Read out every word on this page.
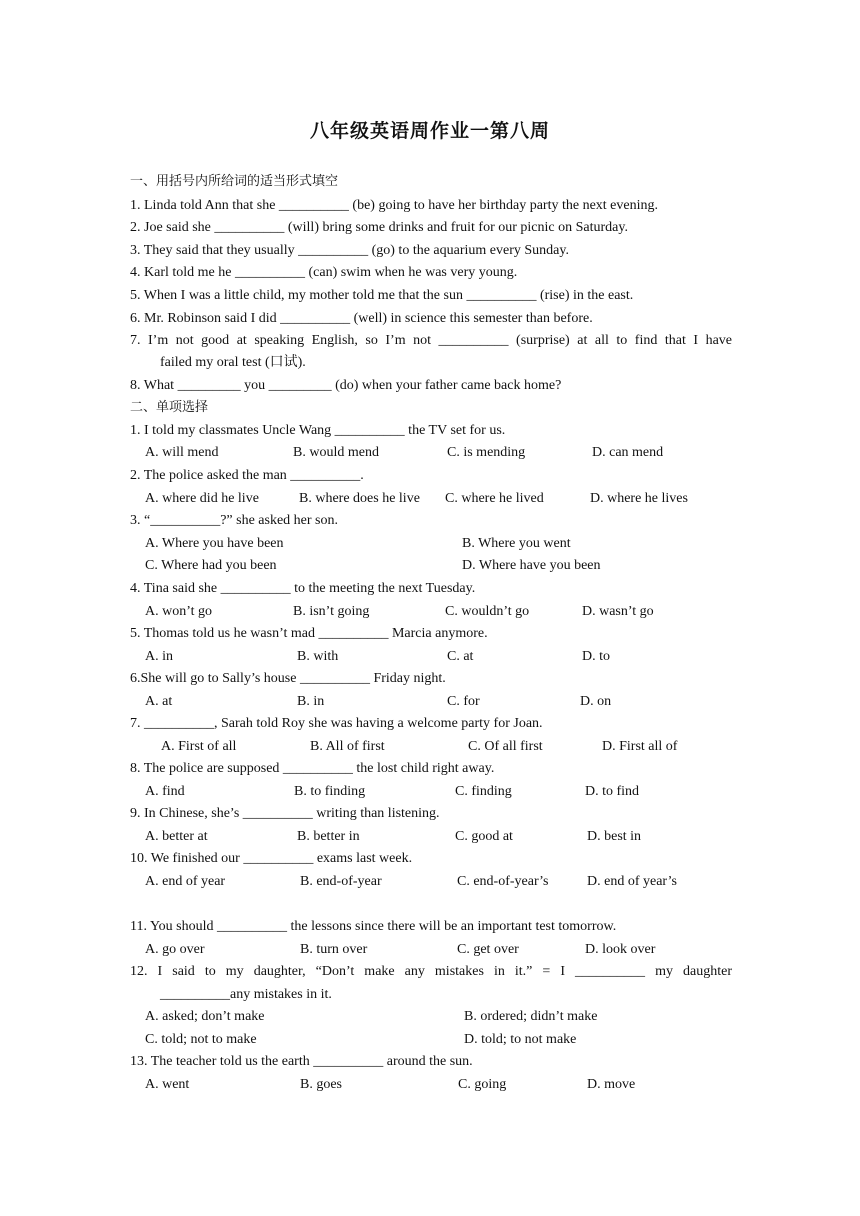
八年级英语周作业一第八周
一、用括号内所给词的适当形式填空
1. Linda told Ann that she __________ (be) going to have her birthday party the next evening.
2. Joe said she __________ (will) bring some drinks and fruit for our picnic on Saturday.
3. They said that they usually __________ (go) to the aquarium every Sunday.
4. Karl told me he __________ (can) swim when he was very young.
5. When I was a little child, my mother told me that the sun __________ (rise) in the east.
6. Mr. Robinson said I did __________ (well) in science this semester than before.
7. I’m not good at speaking English, so I’m not __________ (surprise) at all to find that I have
failed my oral test (口试).
8. What _________ you _________ (do) when your father came back home?
二、单项选择
1. I told my classmates Uncle Wang __________ the TV set for us.
A. will mend	B. would mend	C. is mending	D. can mend
2. The police asked the man __________.
A. where did he live	B. where does he live C. where he lived	D. where he lives
3. “__________?” she asked her son.
A. Where you have been	B. Where you went
C. Where had you been	D. Where have you been
4. Tina said she __________ to the meeting the next Tuesday.
A. won’t go	B. isn’t going	C. wouldn’t go	D. wasn’t go
5. Thomas told us he wasn’t mad __________ Marcia anymore.
A. in	B. with	C. at	D. to
6.She will go to Sally’s house __________ Friday night.
A. at	B. in	C. for	D. on
7. __________, Sarah told Roy she was having a welcome party for Joan.
A. First of all	B. All of first	C. Of all first	D. First all of
8. The police are supposed __________ the lost child right away.
A. find	B. to finding	C. finding	D. to find
9. In Chinese, she’s __________ writing than listening.
A. better at	B. better in	C. good at	D. best in
10. We finished our __________ exams last week.
A. end of year	B. end-of-year	C. end-of-year’s	D. end of year’s
11. You should __________ the lessons since there will be an important test tomorrow.
A. go over	B. turn over	C. get over	D. look over
12. I said to my daughter, “Don’t make any mistakes in it.” = I __________ my daughter
__________any mistakes in it.
A. asked; don’t make	B. ordered; didn’t make
C. told; not to make	D. told; to not make
13. The teacher told us the earth __________ around the sun.
A. went	B. goes	C. going	D. move
